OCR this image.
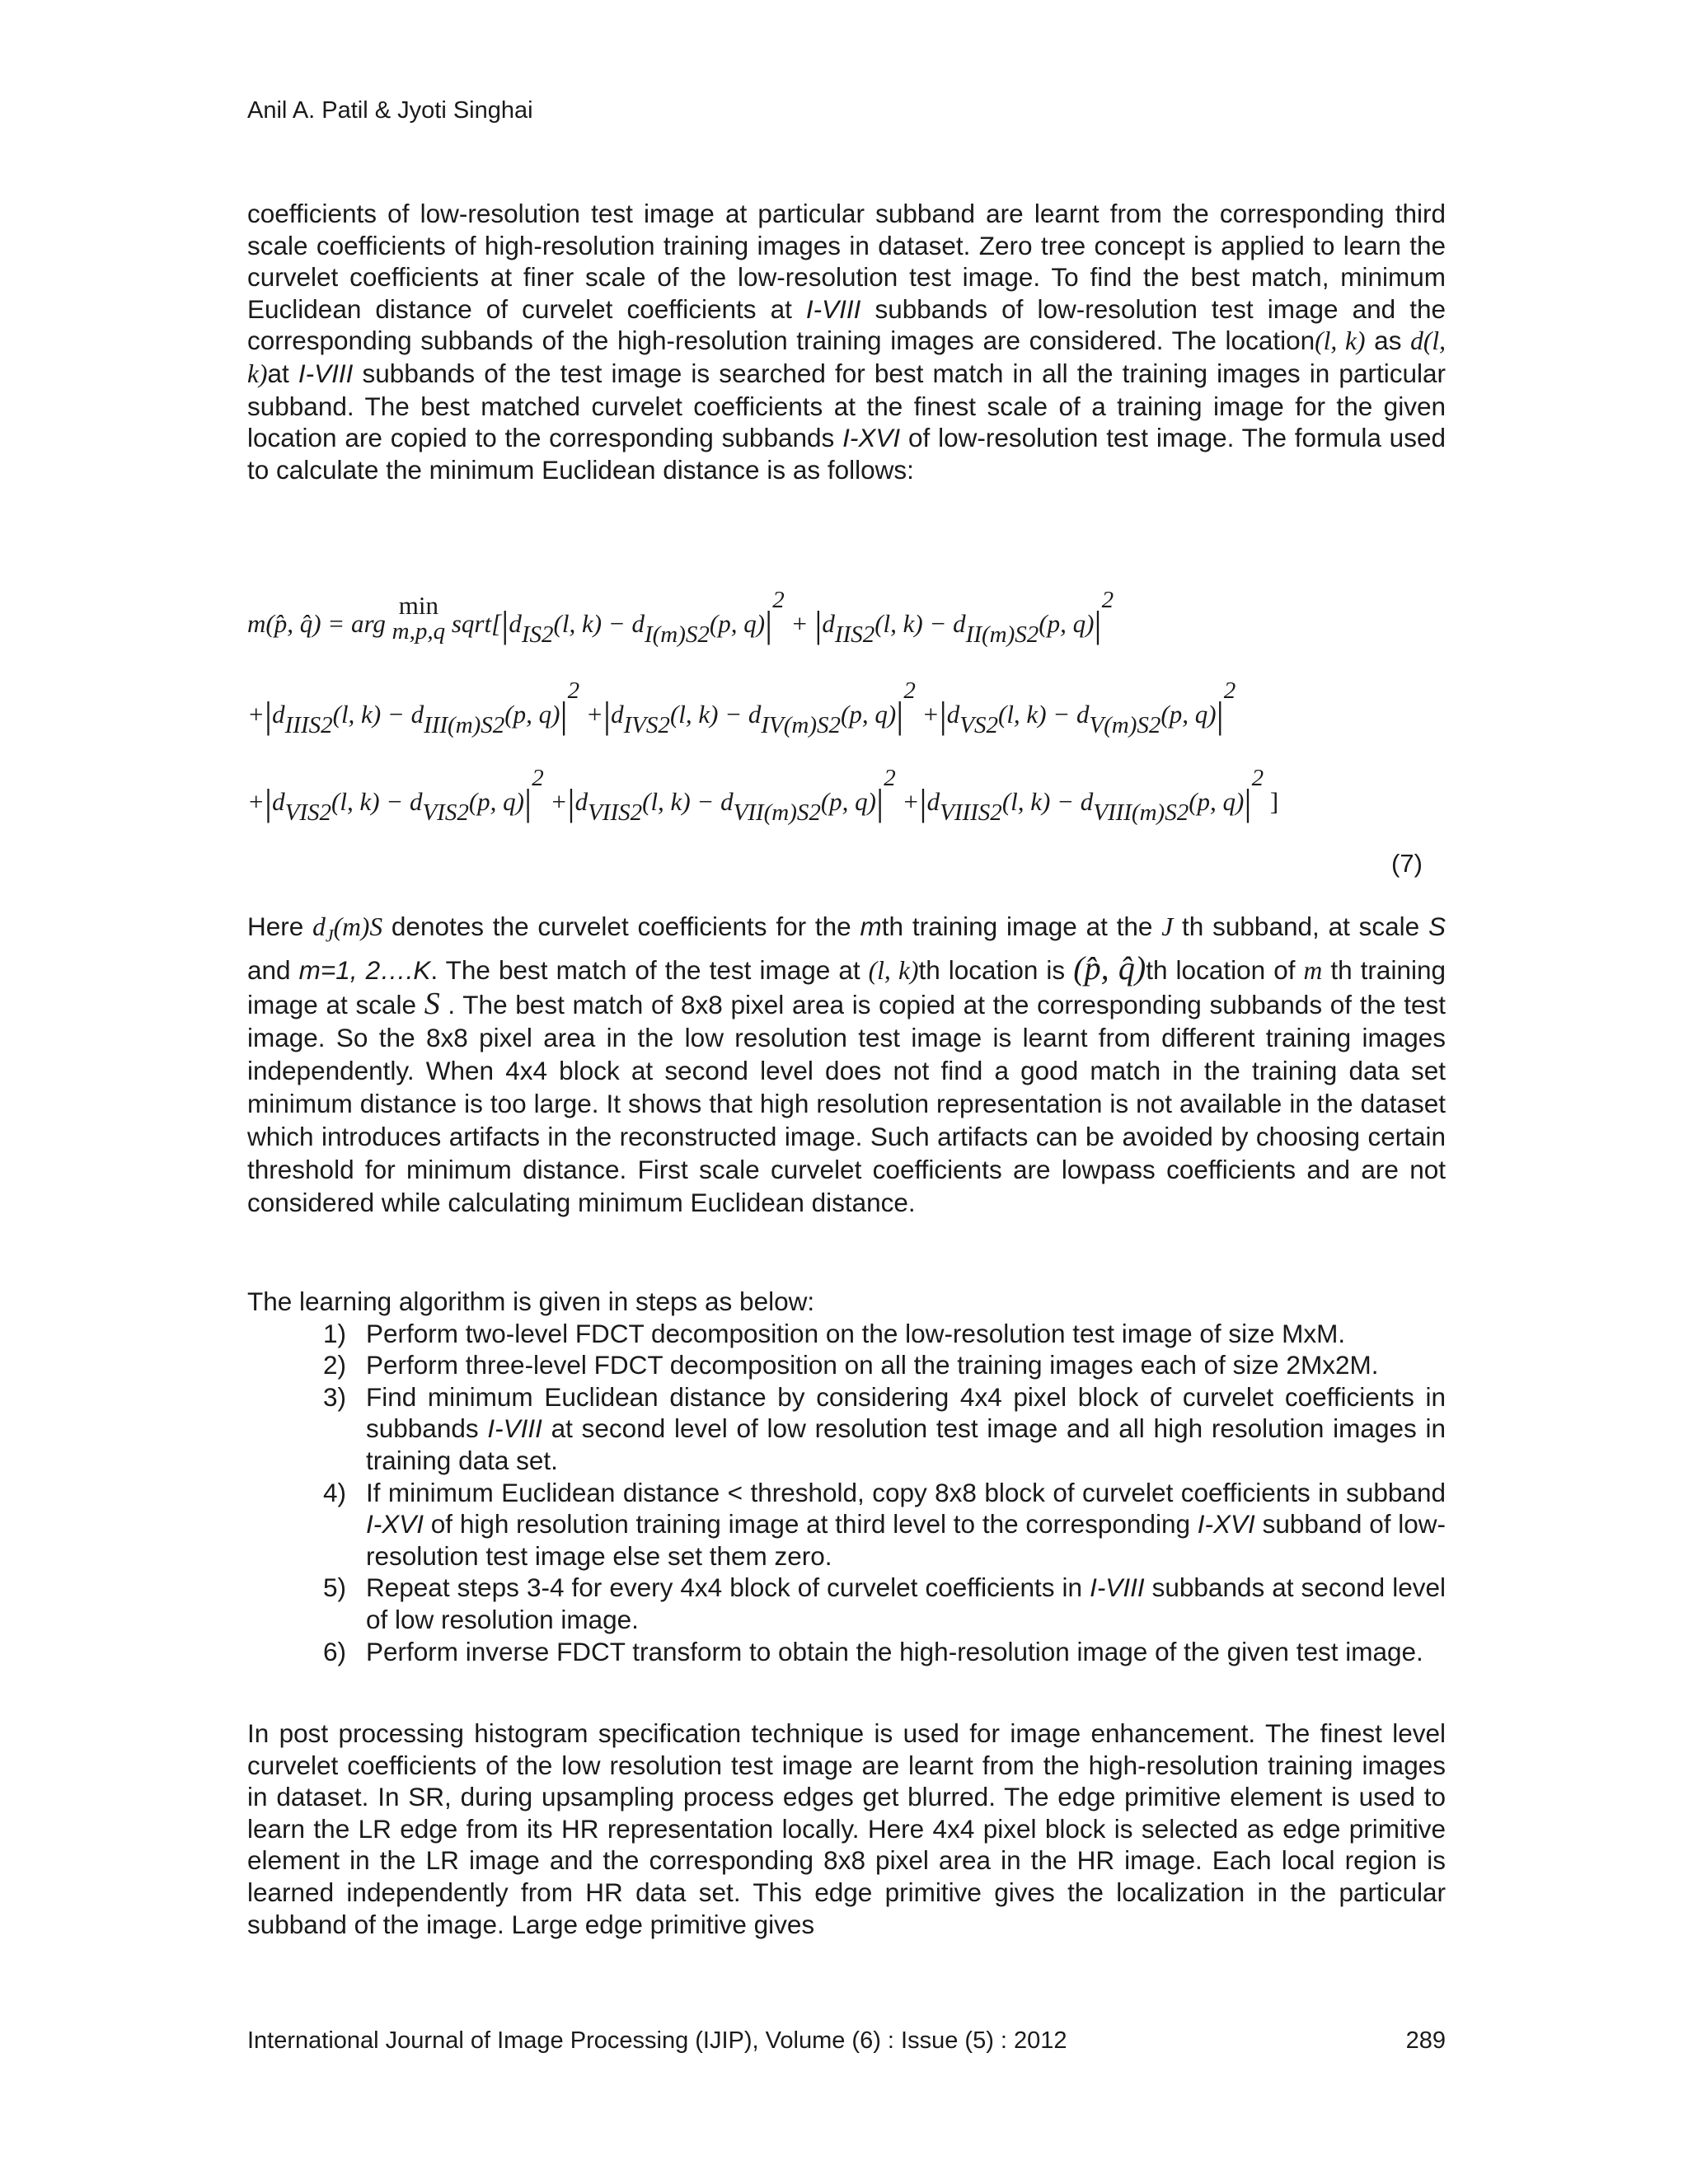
Anil A. Patil & Jyoti Singhai

coefficients of low-resolution test image at particular subband are learnt from the corresponding third scale coefficients of high-resolution training images in dataset. Zero tree concept is applied to learn the curvelet coefficients at finer scale of the low-resolution test image. To find the best match, minimum Euclidean distance of curvelet coefficients at I-VIII subbands of low-resolution test image and the corresponding subbands of the high-resolution training images are considered. The location(l, k) as d(l, k)at I-VIII subbands of the test image is searched for best match in all the training images in particular subband. The best matched curvelet coefficients at the finest scale of a training image for the given location are copied to the corresponding subbands I-XVI of low-resolution test image. The formula used to calculate the minimum Euclidean distance is as follows:

m(p̂, q̂) = arg min
m,p,q $sqrt[|d_{IS2}(l$, $k) - d_{I(m)S2}(p$, $q)|^2 + |d_{IIS2}(l$, $k) - d_{II(m)S2}(p$, $q)|^2$
$+|d_{IIIS2}(l$, $k) - d_{III(m)S2}(p$, $q)|^2 +|d_{IVS2}(l$, $k) - d_{IV(m)S2}(p$, $q)|^2 +|d_{VS2}(l$, $k) - d_{V(m)S2}(p$, $q)|^2$
$+|d_{VIS2}(l$, $k) - d_{VIS2}(p$, $q)|^2 +|d_{VIIS2}(l$, $k) - d_{VII(m)S2}(p$, $q)|^2 +|d_{VIIIS2}(l$, $k) - d_{VIII(m)S2}(p$, $q)|^2$ ]
(7)

Here $d_J(m)S$ denotes the curvelet coefficients for the mth training image at the J th subband, at scale S and m=1, 2….K. The best match of the test image at (l, k)th location is (p̂, q̂)th location of m th training image at scale S . The best match of 8x8 pixel area is copied at the corresponding subbands of the test image. So the 8x8 pixel area in the low resolution test image is learnt from different training images independently. When 4x4 block at second level does not find a good match in the training data set minimum distance is too large. It shows that high resolution representation is not available in the dataset which introduces artifacts in the reconstructed image. Such artifacts can be avoided by choosing certain threshold for minimum distance. First scale curvelet coefficients are lowpass coefficients and are not considered while calculating minimum Euclidean distance.

The learning algorithm is given in steps as below:
1) Perform two-level FDCT decomposition on the low-resolution test image of size MxM.
2) Perform three-level FDCT decomposition on all the training images each of size 2Mx2M.
3) Find minimum Euclidean distance by considering 4x4 pixel block of curvelet coefficients in subbands I-VIII at second level of low resolution test image and all high resolution images in training data set.
4) If minimum Euclidean distance < threshold, copy 8x8 block of curvelet coefficients in subband I-XVI of high resolution training image at third level to the corresponding I-XVI subband of low-resolution test image else set them zero.
5) Repeat steps 3-4 for every 4x4 block of curvelet coefficients in I-VIII subbands at second level of low resolution image.
6) Perform inverse FDCT transform to obtain the high-resolution image of the given test image.

In post processing histogram specification technique is used for image enhancement. The finest level curvelet coefficients of the low resolution test image are learnt from the high-resolution training images in dataset. In SR, during upsampling process edges get blurred. The edge primitive element is used to learn the LR edge from its HR representation locally. Here 4x4 pixel block is selected as edge primitive element in the LR image and the corresponding 8x8 pixel area in the HR image. Each local region is learned independently from HR data set. This edge primitive gives the localization in the particular subband of the image. Large edge primitive gives

International Journal of Image Processing (IJIP), Volume (6) : Issue (5) : 2012	289
